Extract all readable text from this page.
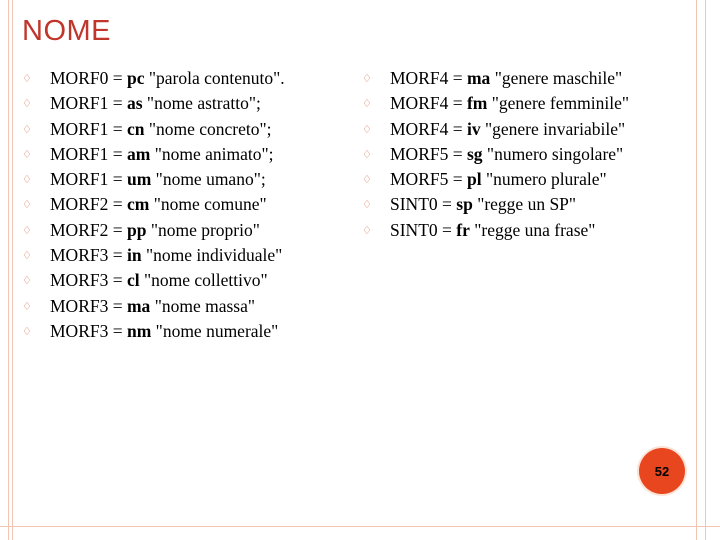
NOME
♢ MORF0 = pc "parola contenuto".
♢ MORF1 = as "nome astratto";
♢ MORF1 = cn "nome concreto";
♢ MORF1 = am "nome animato";
♢ MORF1 = um "nome umano";
♢ MORF2 = cm "nome comune"
♢ MORF2 = pp "nome proprio"
♢ MORF3 = in "nome individuale"
♢ MORF3 = cl "nome collettivo"
♢ MORF3 = ma "nome massa"
♢ MORF3 = nm "nome numerale"
♢ MORF4 = ma "genere maschile"
♢ MORF4 = fm "genere femminile"
♢ MORF4 = iv "genere invariabile"
♢ MORF5 = sg "numero singolare"
♢ MORF5 = pl "numero plurale"
♢ SINT0 = sp "regge un SP"
♢ SINT0 = fr "regge una frase"
52
